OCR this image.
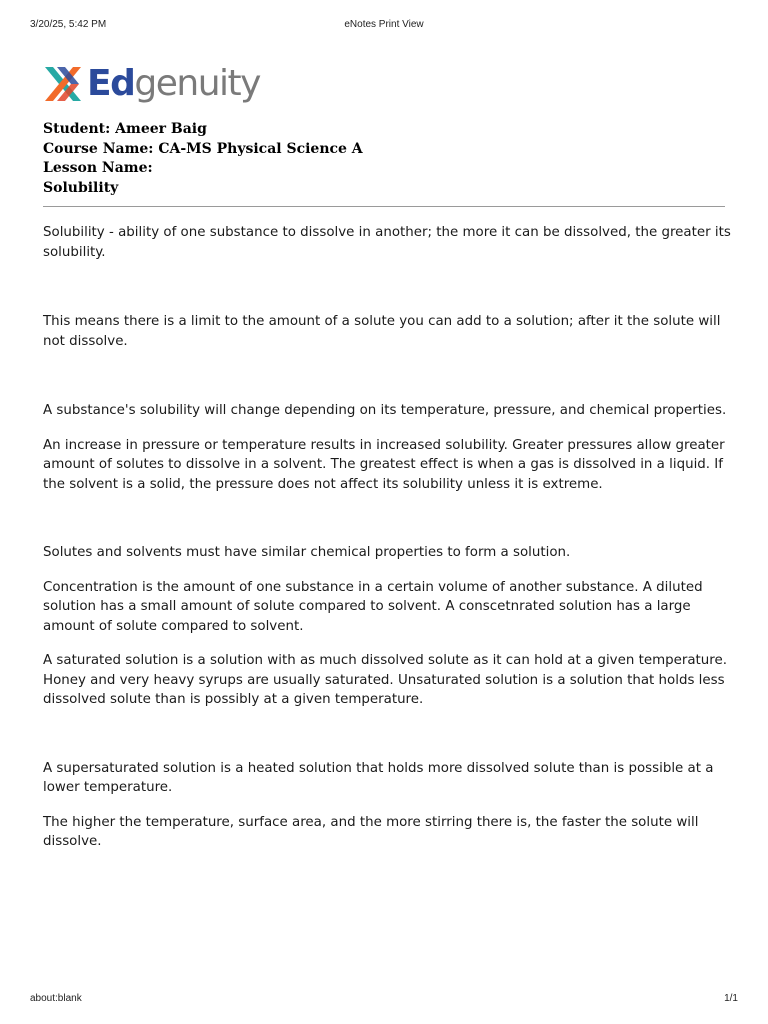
3/20/25, 5:42 PM	eNotes Print View
Edgenuity
Student: Ameer Baig
Course Name: CA-MS Physical Science A
Lesson Name:
Solubility

Solubility - ability of one substance to dissolve in another; the more it can be dissolved, the greater its solubility.

This means there is a limit to the amount of a solute you can add to a solution; after it the solute will not dissolve.

A substance's solubility will change depending on its temperature, pressure, and chemical properties.

An increase in pressure or temperature results in increased solubility. Greater pressures allow greater amount of solutes to dissolve in a solvent. The greatest effect is when a gas is dissolved in a liquid. If the solvent is a solid, the pressure does not affect its solubility unless it is extreme.

Solutes and solvents must have similar chemical properties to form a solution.

Concentration is the amount of one substance in a certain volume of another substance. A diluted solution has a small amount of solute compared to solvent. A conscetnrated solution has a large amount of solute compared to solvent.

A saturated solution is a solution with as much dissolved solute as it can hold at a given temperature. Honey and very heavy syrups are usually saturated. Unsaturated solution is a solution that holds less dissolved solute than is possibly at a given temperature.

A supersaturated solution is a heated solution that holds more dissolved solute than is possible at a lower temperature.

The higher the temperature, surface area, and the more stirring there is, the faster the solute will dissolve.

about:blank	1/1
